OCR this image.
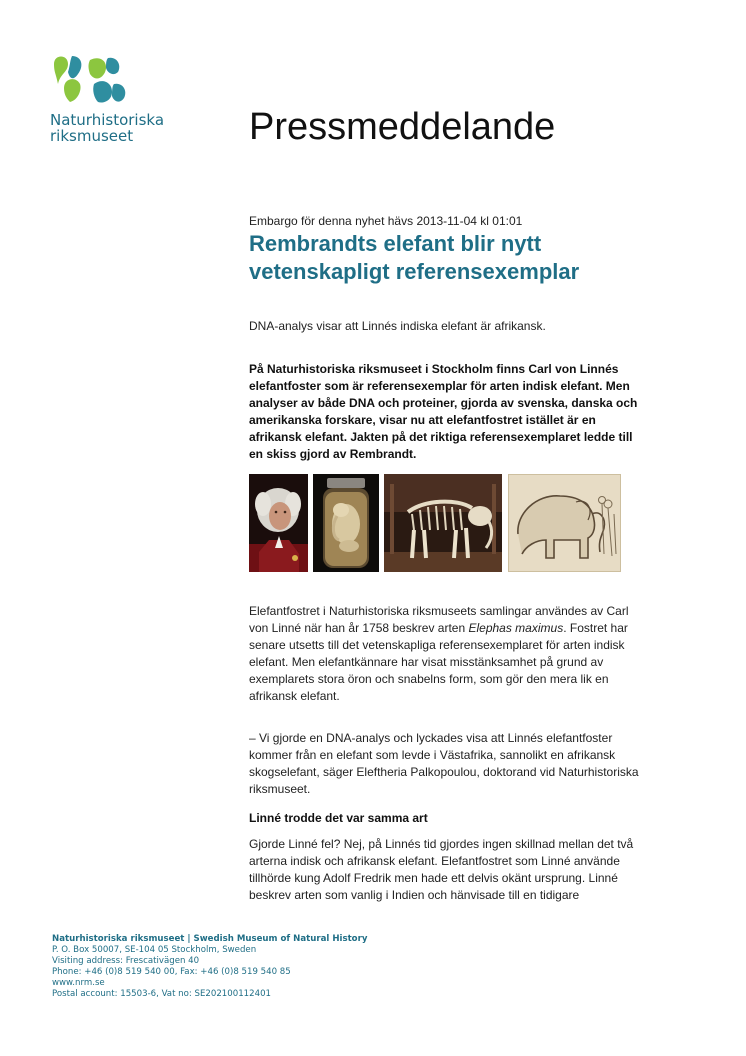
Naturhistoriska
riksmuseet	Pressmeddelande
Embargo för denna nyhet hävs 2013-11-04 kl 01:01
Rembrandts elefant blir nytt
vetenskapligt referensexemplar
DNA-analys visar att Linnés indiska elefant är afrikansk.

På Naturhistoriska riksmuseet i Stockholm finns Carl von Linnés
elefantfoster som är referensexemplar för arten indisk elefant. Men
analyser av både DNA och proteiner, gjorda av svenska, danska och
amerikanska forskare, visar nu att elefantfostret istället är en
afrikansk elefant. Jakten på det riktiga referensexemplaret ledde till
en skiss gjord av Rembrandt.

Elefantfostret i Naturhistoriska riksmuseets samlingar användes av Carl
von Linné när han år 1758 beskrev arten Elephas maximus. Fostret har
senare utsetts till det vetenskapliga referensexemplaret för arten indisk
elefant. Men elefantkännare har visat misstänksamhet på grund av
exemplarets stora öron och snabelns form, som gör den mera lik en
afrikansk elefant.

– Vi gjorde en DNA-analys och lyckades visa att Linnés elefantfoster
kommer från en elefant som levde i Västafrika, sannolikt en afrikansk
skogselefant, säger Eleftheria Palkopoulou, doktorand vid Naturhistoriska
riksmuseet.

Linné trodde det var samma art

Gjorde Linné fel? Nej, på Linnés tid gjordes ingen skillnad mellan det två
arterna indisk och afrikansk elefant. Elefantfostret som Linné använde
tillhörde kung Adolf Fredrik men hade ett delvis okänt ursprung. Linné
beskrev arten som vanlig i Indien och hänvisade till en tidigare

Naturhistoriska riksmuseet | Swedish Museum of Natural History
P. O. Box 50007, SE-104 05 Stockholm, Sweden
Visiting address: Frescativägen 40
Phone: +46 (0)8 519 540 00, Fax: +46 (0)8 519 540 85
www.nrm.se
Postal account: 15503-6, Vat no: SE202100112401
